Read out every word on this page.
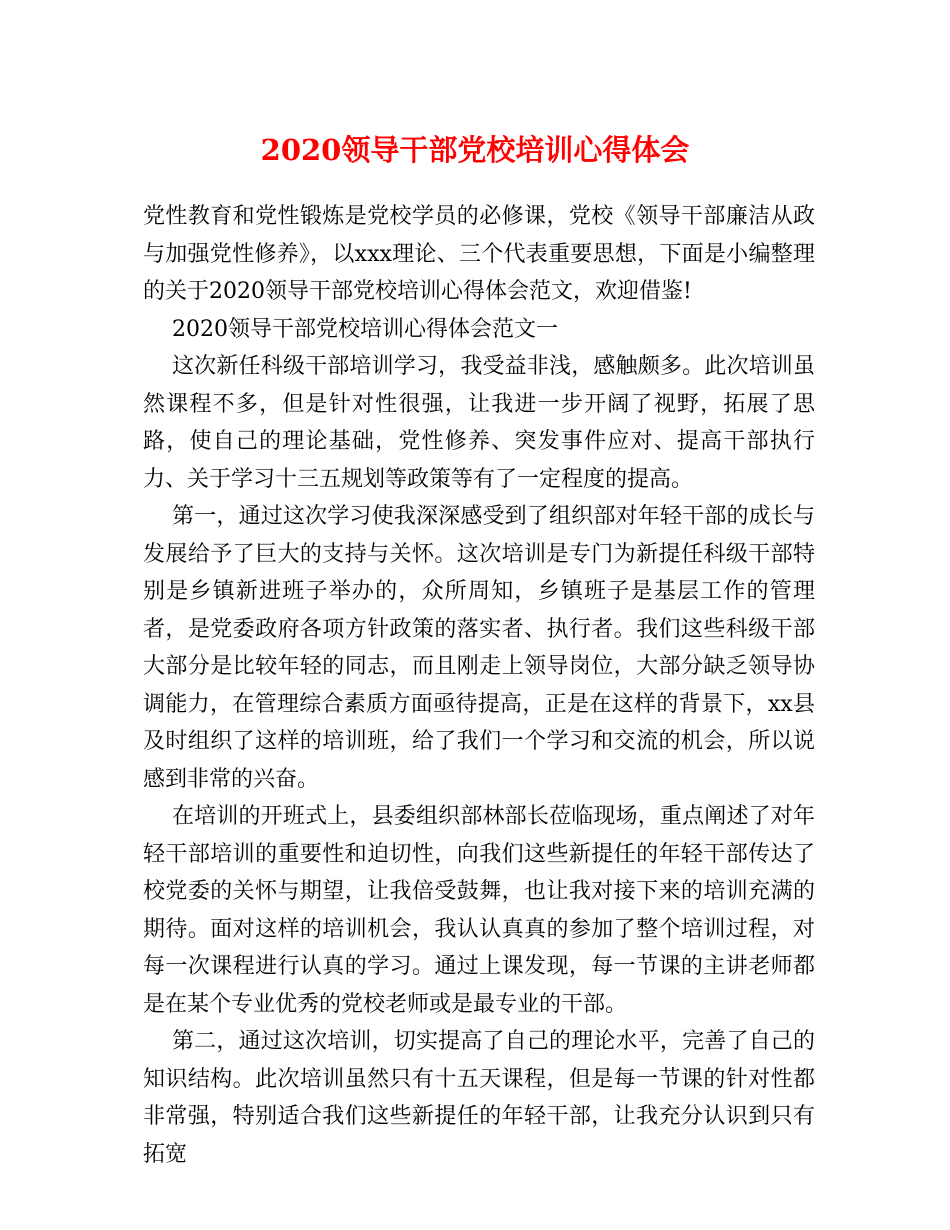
2020领导干部党校培训心得体会

党性教育和党性锻炼是党校学员的必修课，党校《领导干部廉洁从政与加强党性修养》，以xxx理论、三个代表重要思想，下面是小编整理的关于2020领导干部党校培训心得体会范文，欢迎借鉴!

2020领导干部党校培训心得体会范文一

这次新任科级干部培训学习，我受益非浅，感触颇多。此次培训虽然课程不多，但是针对性很强，让我进一步开阔了视野，拓展了思路，使自己的理论基础，党性修养、突发事件应对、提高干部执行力、关于学习十三五规划等政策等有了一定程度的提高。

第一，通过这次学习使我深深感受到了组织部对年轻干部的成长与发展给予了巨大的支持与关怀。这次培训是专门为新提任科级干部特别是乡镇新进班子举办的，众所周知，乡镇班子是基层工作的管理者，是党委政府各项方针政策的落实者、执行者。我们这些科级干部大部分是比较年轻的同志，而且刚走上领导岗位，大部分缺乏领导协调能力，在管理综合素质方面亟待提高，正是在这样的背景下，xx县及时组织了这样的培训班，给了我们一个学习和交流的机会，所以说感到非常的兴奋。

在培训的开班式上，县委组织部林部长莅临现场，重点阐述了对年轻干部培训的重要性和迫切性，向我们这些新提任的年轻干部传达了校党委的关怀与期望，让我倍受鼓舞，也让我对接下来的培训充满的期待。面对这样的培训机会，我认认真真的参加了整个培训过程，对每一次课程进行认真的学习。通过上课发现，每一节课的主讲老师都是在某个专业优秀的党校老师或是最专业的干部。

第二，通过这次培训，切实提高了自己的理论水平，完善了自己的知识结构。此次培训虽然只有十五天课程，但是每一节课的针对性都非常强，特别适合我们这些新提任的年轻干部，让我充分认识到只有拓宽
